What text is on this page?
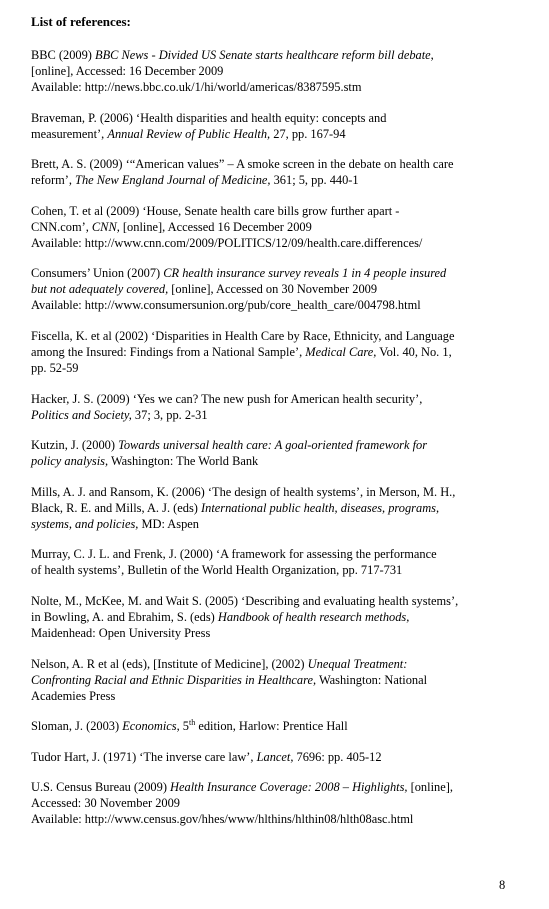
List of references:
BBC (2009) BBC News - Divided US Senate starts healthcare reform bill debate,
[online], Accessed: 16 December 2009
Available: http://news.bbc.co.uk/1/hi/world/americas/8387595.stm
Braveman, P. (2006) ‘Health disparities and health equity: concepts and
measurement’, Annual Review of Public Health, 27, pp. 167-94
Brett, A. S. (2009) ‘“American values” – A smoke screen in the debate on health care
reform’, The New England Journal of Medicine, 361; 5, pp. 440-1
Cohen, T. et al (2009) ‘House, Senate health care bills grow further apart -
CNN.com’, CNN, [online], Accessed 16 December 2009
Available: http://www.cnn.com/2009/POLITICS/12/09/health.care.differences/
Consumers’ Union (2007) CR health insurance survey reveals 1 in 4 people insured
but not adequately covered, [online], Accessed on 30 November 2009
Available: http://www.consumersunion.org/pub/core_health_care/004798.html
Fiscella, K. et al (2002) ‘Disparities in Health Care by Race, Ethnicity, and Language
among the Insured: Findings from a National Sample’, Medical Care, Vol. 40, No. 1,
pp. 52-59
Hacker, J. S. (2009) ‘Yes we can? The new push for American health security’,
Politics and Society, 37; 3, pp. 2-31
Kutzin, J. (2000) Towards universal health care: A goal-oriented framework for
policy analysis, Washington: The World Bank
Mills, A. J. and Ransom, K. (2006) ‘The design of health systems’, in Merson, M. H.,
Black, R. E. and Mills, A. J. (eds) International public health, diseases, programs,
systems, and policies, MD: Aspen
Murray, C. J. L. and Frenk, J. (2000) ‘A framework for assessing the performance
of health systems’, Bulletin of the World Health Organization, pp. 717-731
Nolte, M., McKee, M. and Wait S. (2005) ‘Describing and evaluating health systems’,
in Bowling, A. and Ebrahim, S. (eds) Handbook of health research methods,
Maidenhead: Open University Press
Nelson, A. R et al (eds), [Institute of Medicine], (2002) Unequal Treatment:
Confronting Racial and Ethnic Disparities in Healthcare, Washington: National
Academies Press
Sloman, J. (2003) Economics, 5th edition, Harlow: Prentice Hall
Tudor Hart, J. (1971) ‘The inverse care law’, Lancet, 7696: pp. 405-12
U.S. Census Bureau (2009) Health Insurance Coverage: 2008 – Highlights, [online],
Accessed: 30 November 2009
Available: http://www.census.gov/hhes/www/hlthins/hlthin08/hlth08asc.html
8
